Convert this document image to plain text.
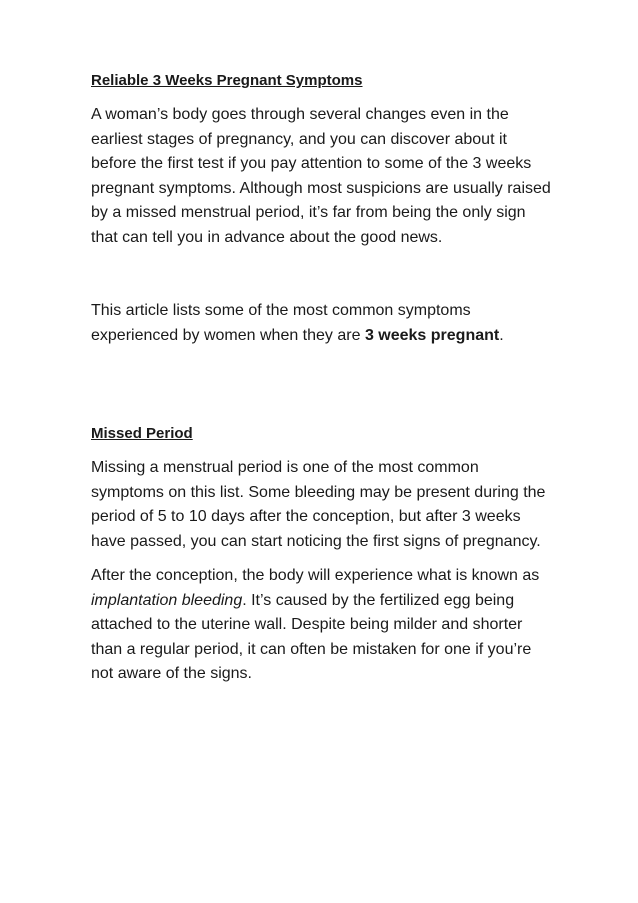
Reliable 3 Weeks Pregnant Symptoms

A woman’s body goes through several changes even in the earliest stages of pregnancy, and you can discover about it before the first test if you pay attention to some of the 3 weeks pregnant symptoms. Although most suspicions are usually raised by a missed menstrual period, it’s far from being the only sign that can tell you in advance about the good news.

This article lists some of the most common symptoms experienced by women when they are 3 weeks pregnant.

Missed Period

Missing a menstrual period is one of the most common symptoms on this list. Some bleeding may be present during the period of 5 to 10 days after the conception, but after 3 weeks have passed, you can start noticing the first signs of pregnancy.

After the conception, the body will experience what is known as implantation bleeding. It’s caused by the fertilized egg being attached to the uterine wall. Despite being milder and shorter than a regular period, it can often be mistaken for one if you’re not aware of the signs.
